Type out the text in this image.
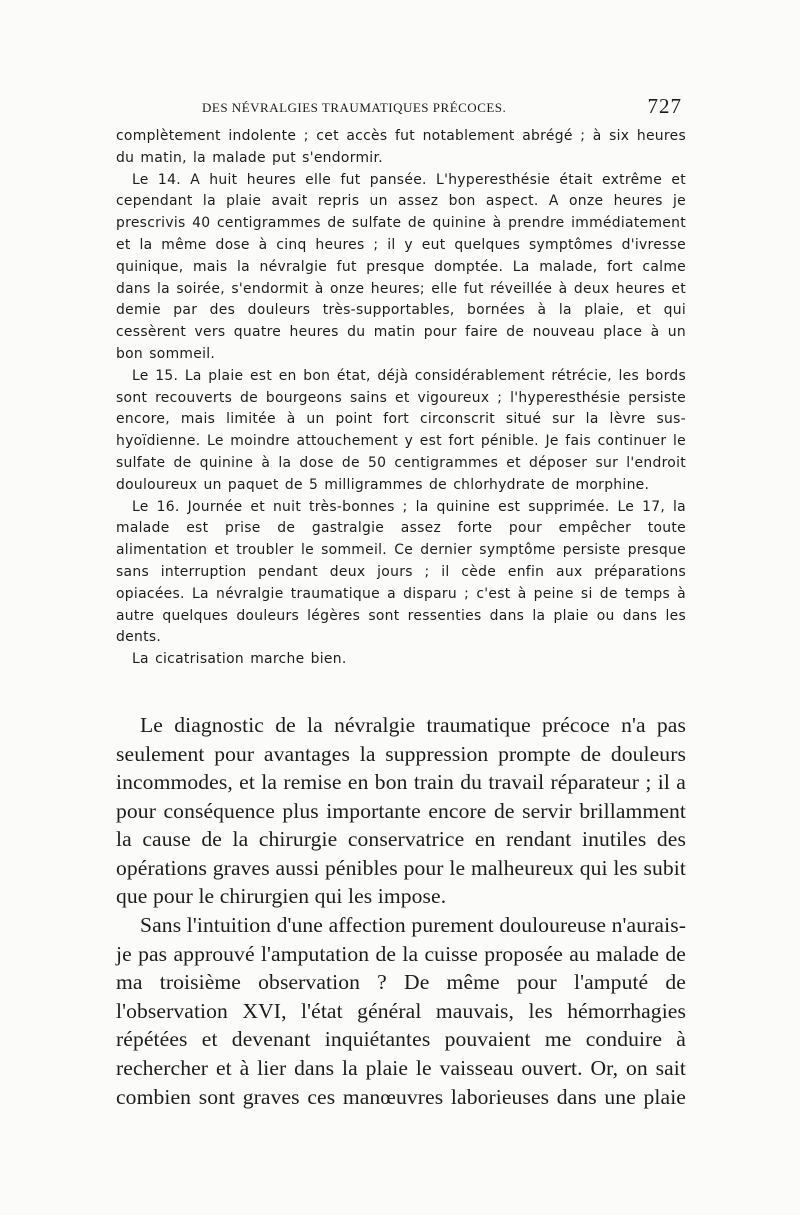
DES NÉVRALGIES TRAUMATIQUES PRÉCOCES.	727

complètement indolente ; cet accès fut notablement abrégé ; à six heures du matin, la malade put s'endormir.

Le 14. A huit heures elle fut pansée. L'hyperesthésie était extrême et cependant la plaie avait repris un assez bon aspect. A onze heures je prescrivis 40 centigrammes de sulfate de quinine à prendre immédiatement et la même dose à cinq heures ; il y eut quelques symptômes d'ivresse quinique, mais la névralgie fut presque domptée. La malade, fort calme dans la soirée, s'endormit à onze heures; elle fut réveillée à deux heures et demie par des douleurs très-supportables, bornées à la plaie, et qui cessèrent vers quatre heures du matin pour faire de nouveau place à un bon sommeil.

Le 15. La plaie est en bon état, déjà considérablement rétrécie, les bords sont recouverts de bourgeons sains et vigoureux ; l'hyperesthésie persiste encore, mais limitée à un point fort circonscrit situé sur la lèvre sus-hyoïdienne. Le moindre attouchement y est fort pénible. Je fais continuer le sulfate de quinine à la dose de 50 centigrammes et déposer sur l'endroit douloureux un paquet de 5 milligrammes de chlorhydrate de morphine.

Le 16. Journée et nuit très-bonnes ; la quinine est supprimée. Le 17, la malade est prise de gastralgie assez forte pour empêcher toute alimentation et troubler le sommeil. Ce dernier symptôme persiste presque sans interruption pendant deux jours ; il cède enfin aux préparations opiacées. La névralgie traumatique a disparu ; c'est à peine si de temps à autre quelques douleurs légères sont ressenties dans la plaie ou dans les dents.

La cicatrisation marche bien.

Le diagnostic de la névralgie traumatique précoce n'a pas seulement pour avantages la suppression prompte de douleurs incommodes, et la remise en bon train du travail réparateur ; il a pour conséquence plus importante encore de servir brillamment la cause de la chirurgie conservatrice en rendant inutiles des opérations graves aussi pénibles pour le malheureux qui les subit que pour le chirurgien qui les impose.

Sans l'intuition d'une affection purement douloureuse n'aurais-je pas approuvé l'amputation de la cuisse proposée au malade de ma troisième observation ? De même pour l'amputé de l'observation XVI, l'état général mauvais, les hémorrhagies répétées et devenant inquiétantes pouvaient me conduire à rechercher et à lier dans la plaie le vaisseau ouvert. Or, on sait combien sont graves ces manœuvres laborieuses dans une plaie
